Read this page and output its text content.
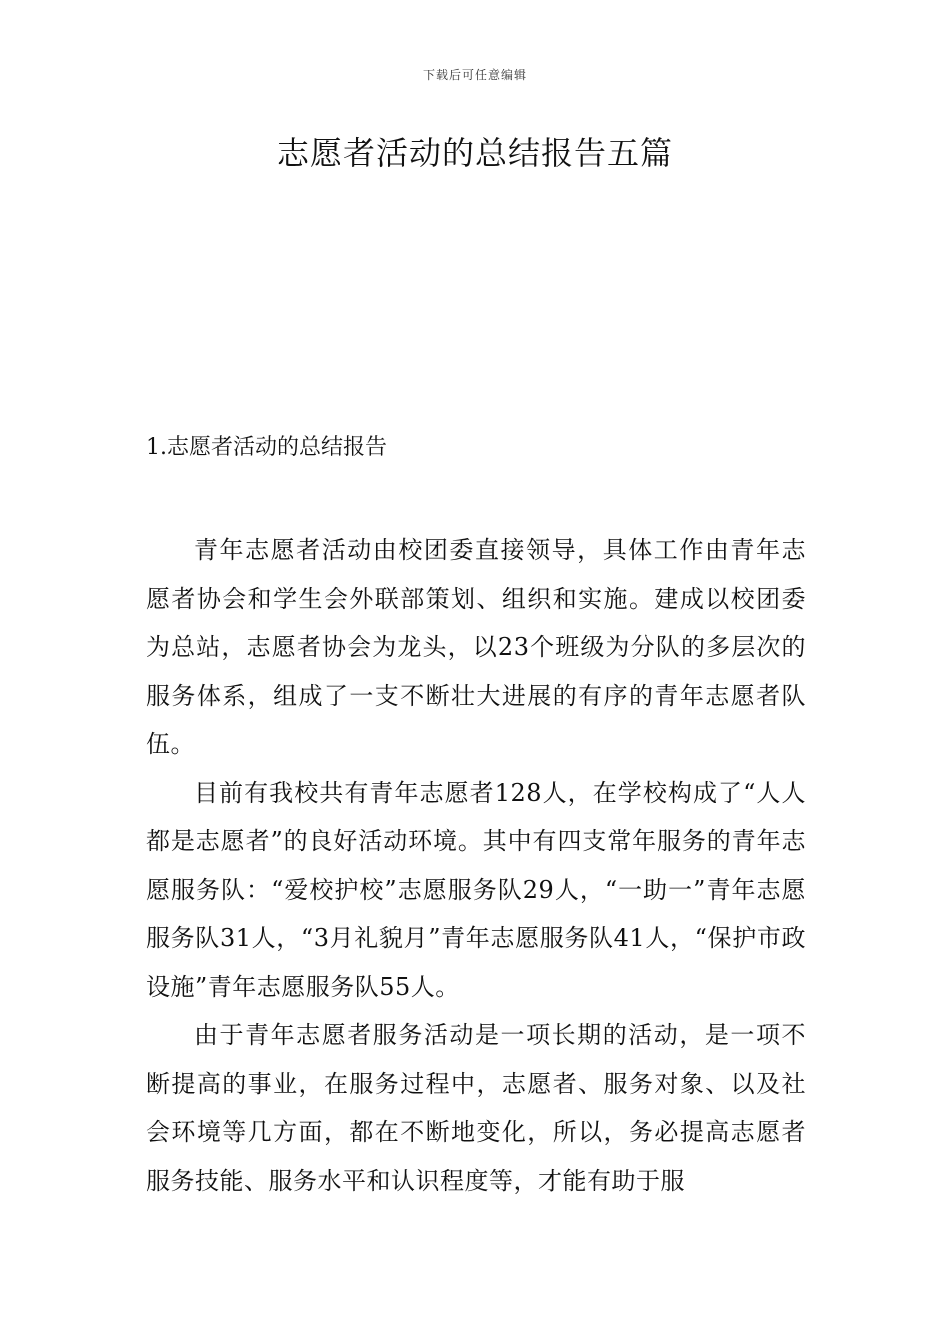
下载后可任意编辑
志愿者活动的总结报告五篇
1.志愿者活动的总结报告

青年志愿者活动由校团委直接领导，具体工作由青年志愿者协会和学生会外联部策划、组织和实施。建成以校团委为总站，志愿者协会为龙头，以23个班级为分队的多层次的服务体系，组成了一支不断壮大进展的有序的青年志愿者队伍。

目前有我校共有青年志愿者128人，在学校构成了“人人都是志愿者”的良好活动环境。其中有四支常年服务的青年志愿服务队：“爱校护校”志愿服务队29人，“一助一”青年志愿服务队31人，“3月礼貌月”青年志愿服务队41人，“保护市政设施”青年志愿服务队55人。

由于青年志愿者服务活动是一项长期的活动，是一项不断提高的事业，在服务过程中，志愿者、服务对象、以及社会环境等几方面，都在不断地变化，所以，务必提高志愿者服务技能、服务水平和认识程度等，才能有助于服
